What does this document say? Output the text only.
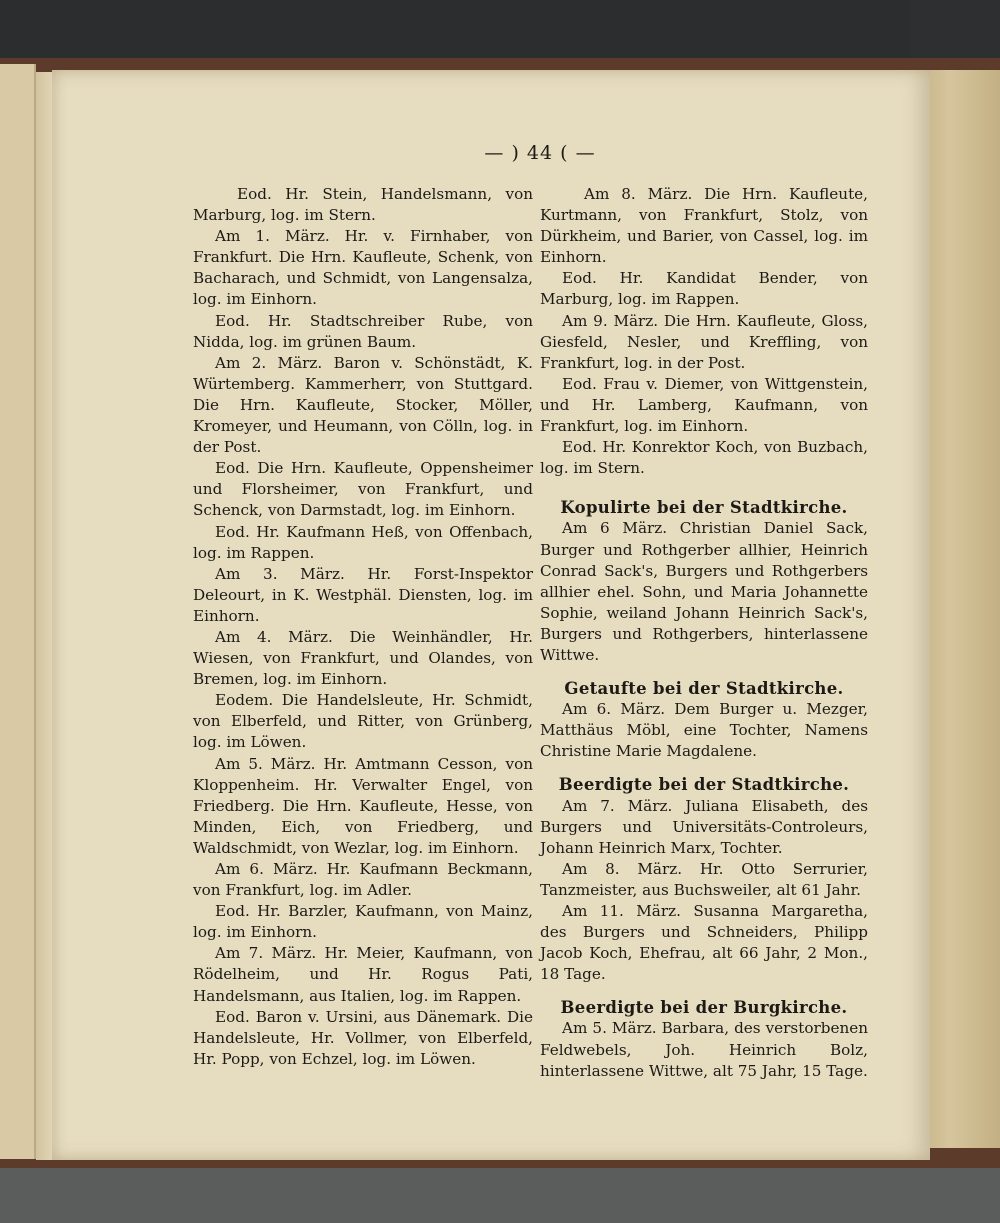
— ) 44 ( —

Eod. Hr. Stein, Handelsmann, von Marburg, log. im Stern.

Am 1. März. Hr. v. Firnhaber, von Frankfurt. Die Hrn. Kaufleute, Schenk, von Bacharach, und Schmidt, von Langensalza, log. im Einhorn.

Eod. Hr. Stadtschreiber Rube, von Nidda, log. im grünen Baum.

Am 2. März. Baron v. Schönstädt, K. Würtemberg. Kammerherr, von Stuttgard. Die Hrn. Kaufleute, Stocker, Möller, Kromeyer, und Heumann, von Cölln, log. in der Post.

Eod. Die Hrn. Kaufleute, Oppensheimer und Florsheimer, von Frankfurt, und Schenck, von Darmstadt, log. im Einhorn.

Eod. Hr. Kaufmann Heß, von Offenbach, log. im Rappen.

Am 3. März. Hr. Forst-Inspektor Deleourt, in K. Westphäl. Diensten, log. im Einhorn.

Am 4. März. Die Weinhändler, Hr. Wiesen, von Frankfurt, und Olandes, von Bremen, log. im Einhorn.

Eodem. Die Handelsleute, Hr. Schmidt, von Elberfeld, und Ritter, von Grünberg, log. im Löwen.

Am 5. März. Hr. Amtmann Cesson, von Kloppenheim. Hr. Verwalter Engel, von Friedberg. Die Hrn. Kaufleute, Hesse, von Minden, Eich, von Friedberg, und Waldschmidt, von Wezlar, log. im Einhorn.

Am 6. März. Hr. Kaufmann Beckmann, von Frankfurt, log. im Adler.

Eod. Hr. Barzler, Kaufmann, von Mainz, log. im Einhorn.

Am 7. März. Hr. Meier, Kaufmann, von Rödelheim, und Hr. Rogus Pati, Handelsmann, aus Italien, log. im Rappen.

Eod. Baron v. Ursini, aus Dänemark. Die Handelsleute, Hr. Vollmer, von Elberfeld, Hr. Popp, von Echzel, log. im Löwen.

Am 8. März. Die Hrn. Kaufleute, Kurtmann, von Frankfurt, Stolz, von Dürkheim, und Barier, von Cassel, log. im Einhorn.

Eod. Hr. Kandidat Bender, von Marburg, log. im Rappen.

Am 9. März. Die Hrn. Kaufleute, Gloss, Giesfeld, Nesler, und Kreffling, von Frankfurt, log. in der Post.

Eod. Frau v. Diemer, von Wittgenstein, und Hr. Lamberg, Kaufmann, von Frankfurt, log. im Einhorn.

Eod. Hr. Konrektor Koch, von Buzbach, log. im Stern.

Kopulirte bei der Stadtkirche.

Am 6 März. Christian Daniel Sack, Burger und Rothgerber allhier, Heinrich Conrad Sack's, Burgers und Rothgerbers allhier ehel. Sohn, und Maria Johannette Sophie, weiland Johann Heinrich Sack's, Burgers und Rothgerbers, hinterlassene Wittwe.

Getaufte bei der Stadtkirche.

Am 6. März. Dem Burger u. Mezger, Matthäus Möbl, eine Tochter, Namens Christine Marie Magdalene.

Beerdigte bei der Stadtkirche.

Am 7. März. Juliana Elisabeth, des Burgers und Universitäts-Controleurs, Johann Heinrich Marx, Tochter.

Am 8. März. Hr. Otto Serrurier, Tanzmeister, aus Buchsweiler, alt 61 Jahr.

Am 11. März. Susanna Margaretha, des Burgers und Schneiders, Philipp Jacob Koch, Ehefrau, alt 66 Jahr, 2 Mon., 18 Tage.

Beerdigte bei der Burgkirche.

Am 5. März. Barbara, des verstorbenen Feldwebels, Joh. Heinrich Bolz, hinterlassene Wittwe, alt 75 Jahr, 15 Tage.
